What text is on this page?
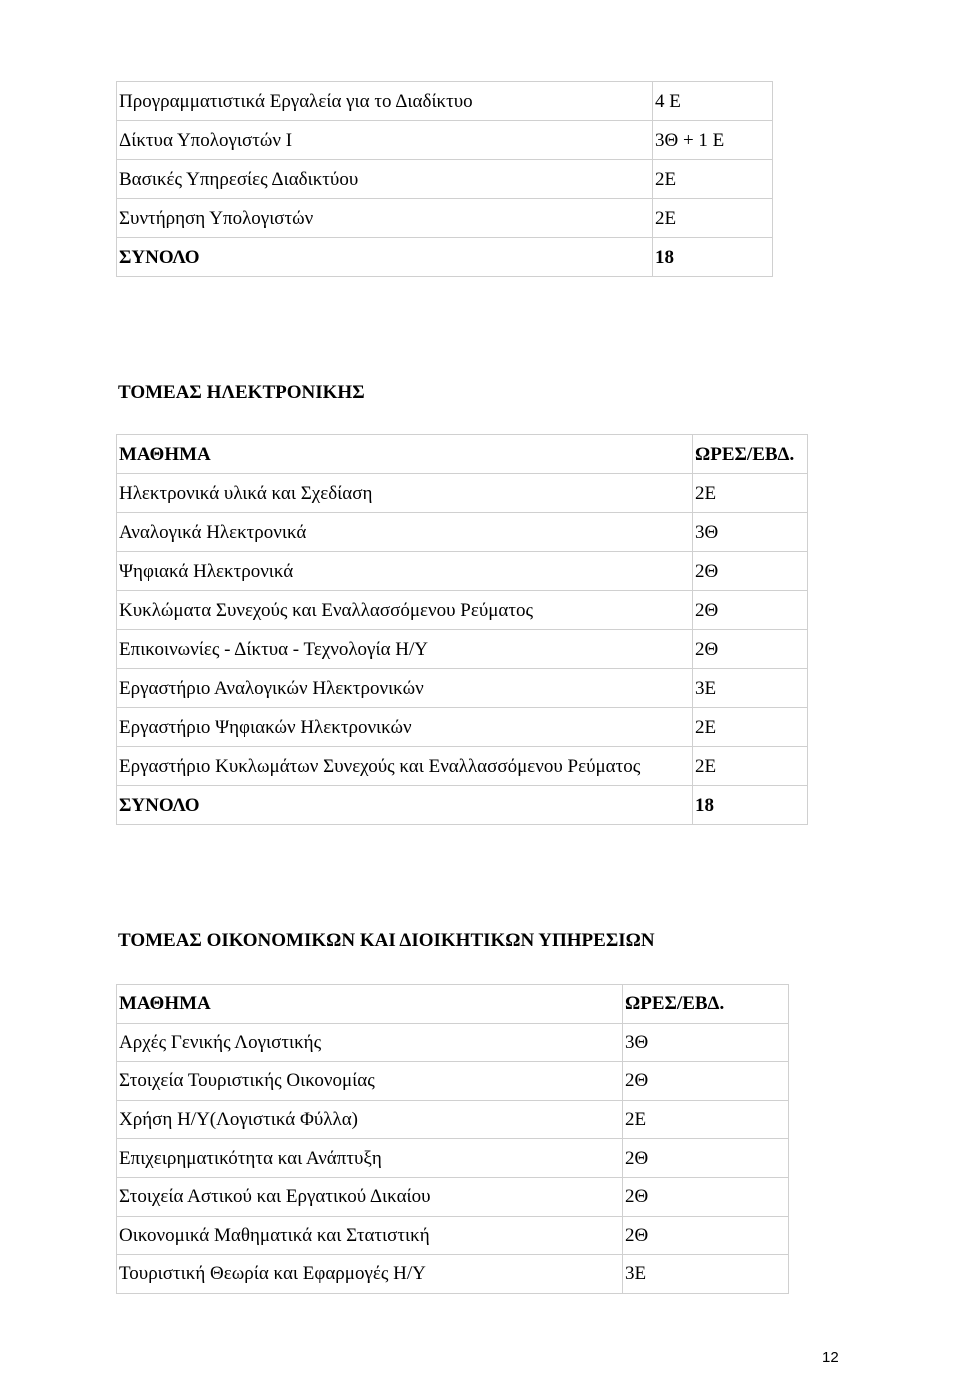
Προγραμματιστικά Εργαλεία για το Διαδίκτυο	4 Ε
Δίκτυα Υπολογιστών Ι	3Θ + 1 Ε
Βασικές Υπηρεσίες Διαδικτύου	2Ε
Συντήρηση Υπολογιστών	2Ε
ΣΥΝΟΛΟ	18
ΤΟΜΕΑΣ ΗΛΕΚΤΡΟΝΙΚΗΣ
ΜΑΘΗΜΑ	ΩΡΕΣ/ΕΒΔ.
Ηλεκτρονικά υλικά και Σχεδίαση	2Ε
Αναλογικά Ηλεκτρονικά	3Θ
Ψηφιακά Ηλεκτρονικά	2Θ
Κυκλώματα Συνεχούς και Εναλλασσόμενου Ρεύματος	2Θ
Επικοινωνίες - Δίκτυα - Τεχνολογία Η/Υ	2Θ
Εργαστήριο Αναλογικών Ηλεκτρονικών	3Ε
Εργαστήριο Ψηφιακών Ηλεκτρονικών	2Ε
Εργαστήριο Κυκλωμάτων Συνεχούς και Εναλλασσόμενου Ρεύματος	2Ε
ΣΥΝΟΛΟ	18
ΤΟΜΕΑΣ ΟΙΚΟΝΟΜΙΚΩΝ ΚΑΙ ΔΙΟΙΚΗΤΙΚΩΝ ΥΠΗΡΕΣΙΩΝ
ΜΑΘΗΜΑ	ΩΡΕΣ/ΕΒΔ.
Αρχές Γενικής Λογιστικής	3Θ
Στοιχεία Τουριστικής Οικονομίας	2Θ
Χρήση Η/Υ(Λογιστικά Φύλλα)	2Ε
Επιχειρηματικότητα και Ανάπτυξη	2Θ
Στοιχεία Αστικού και Εργατικού Δικαίου	2Θ
Οικονομικά Μαθηματικά και Στατιστική	2Θ
Τουριστική Θεωρία και Εφαρμογές Η/Υ	3Ε
12
